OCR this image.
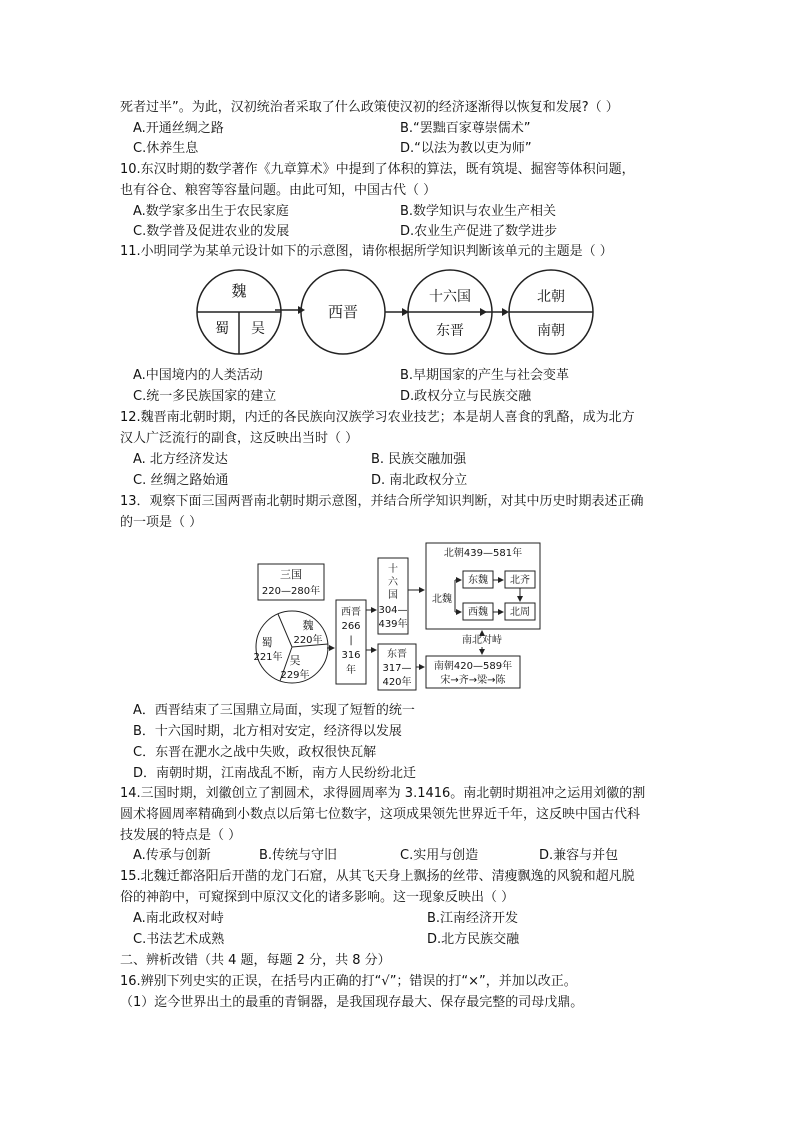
死者过半”。为此，汉初统治者采取了什么政策使汉初的经济逐渐得以恢复和发展?（ ）
A.开通丝绸之路	B.“罢黜百家尊崇儒术”
C.休养生息	D.“以法为教以吏为师”
10.东汉时期的数学著作《九章算术》中提到了体积的算法，既有筑堤、掘窖等体积问题，
也有谷仓、粮窖等容量问题。由此可知，中国古代（ ）
A.数学家多出生于农民家庭	B.数学知识与农业生产相关
C.数学普及促进农业的发展	D.农业生产促进了数学进步
11.小明同学为某单元设计如下的示意图，请你根据所学知识判断该单元的主题是（ ）
魏
蜀 吴
西晋
十六国
东晋
北朝
南朝
A.中国境内的人类活动	B.早期国家的产生与社会变革
C.统一多民族国家的建立	D.政权分立与民族交融
12.魏晋南北朝时期，内迁的各民族向汉族学习农业技艺；本是胡人喜食的乳酪，成为北方
汉人广泛流行的副食，这反映出当时（ ）
A. 北方经济发达	B. 民族交融加强
C. 丝绸之路始通	D. 南北政权分立
13．观察下面三国两晋南北朝时期示意图，并结合所学知识判断，对其中历史时期表述正确
的一项是（ ）
三国
220—280年
魏
220年
蜀
221年 吴
229年
西晋
266
|
316
年
十
六
国
304—
439年
东晋
317—
420年
北朝439—581年
北魏
东魏
西魏
北齐
北周
南北对峙
南朝420—589年
宋→齐→梁→陈
A．西晋结束了三国鼎立局面，实现了短暂的统一
B．十六国时期，北方相对安定，经济得以发展
C．东晋在淝水之战中失败，政权很快瓦解
D．南朝时期，江南战乱不断，南方人民纷纷北迁
14.三国时期，刘徽创立了割圆术，求得圆周率为 3.1416。南北朝时期祖冲之运用刘徽的割
圆术将圆周率精确到小数点以后第七位数字，这项成果领先世界近千年，这反映中国古代科
技发展的特点是（ ）
A.传承与创新	B.传统与守旧	C.实用与创造	D.兼容与并包
15.北魏迁都洛阳后开凿的龙门石窟，从其飞天身上飘扬的丝带、清瘦飘逸的风貌和超凡脱
俗的神韵中，可窥探到中原汉文化的诸多影响。这一现象反映出（ ）
A.南北政权对峙	B.江南经济开发
C.书法艺术成熟	D.北方民族交融
二、辨析改错（共 4 题，每题 2 分，共 8 分）
16.辨别下列史实的正误，在括号内正确的打“√”；错误的打“×”，并加以改正。
（1）迄今世界出土的最重的青铜器，是我国现存最大、保存最完整的司母戊鼎。
